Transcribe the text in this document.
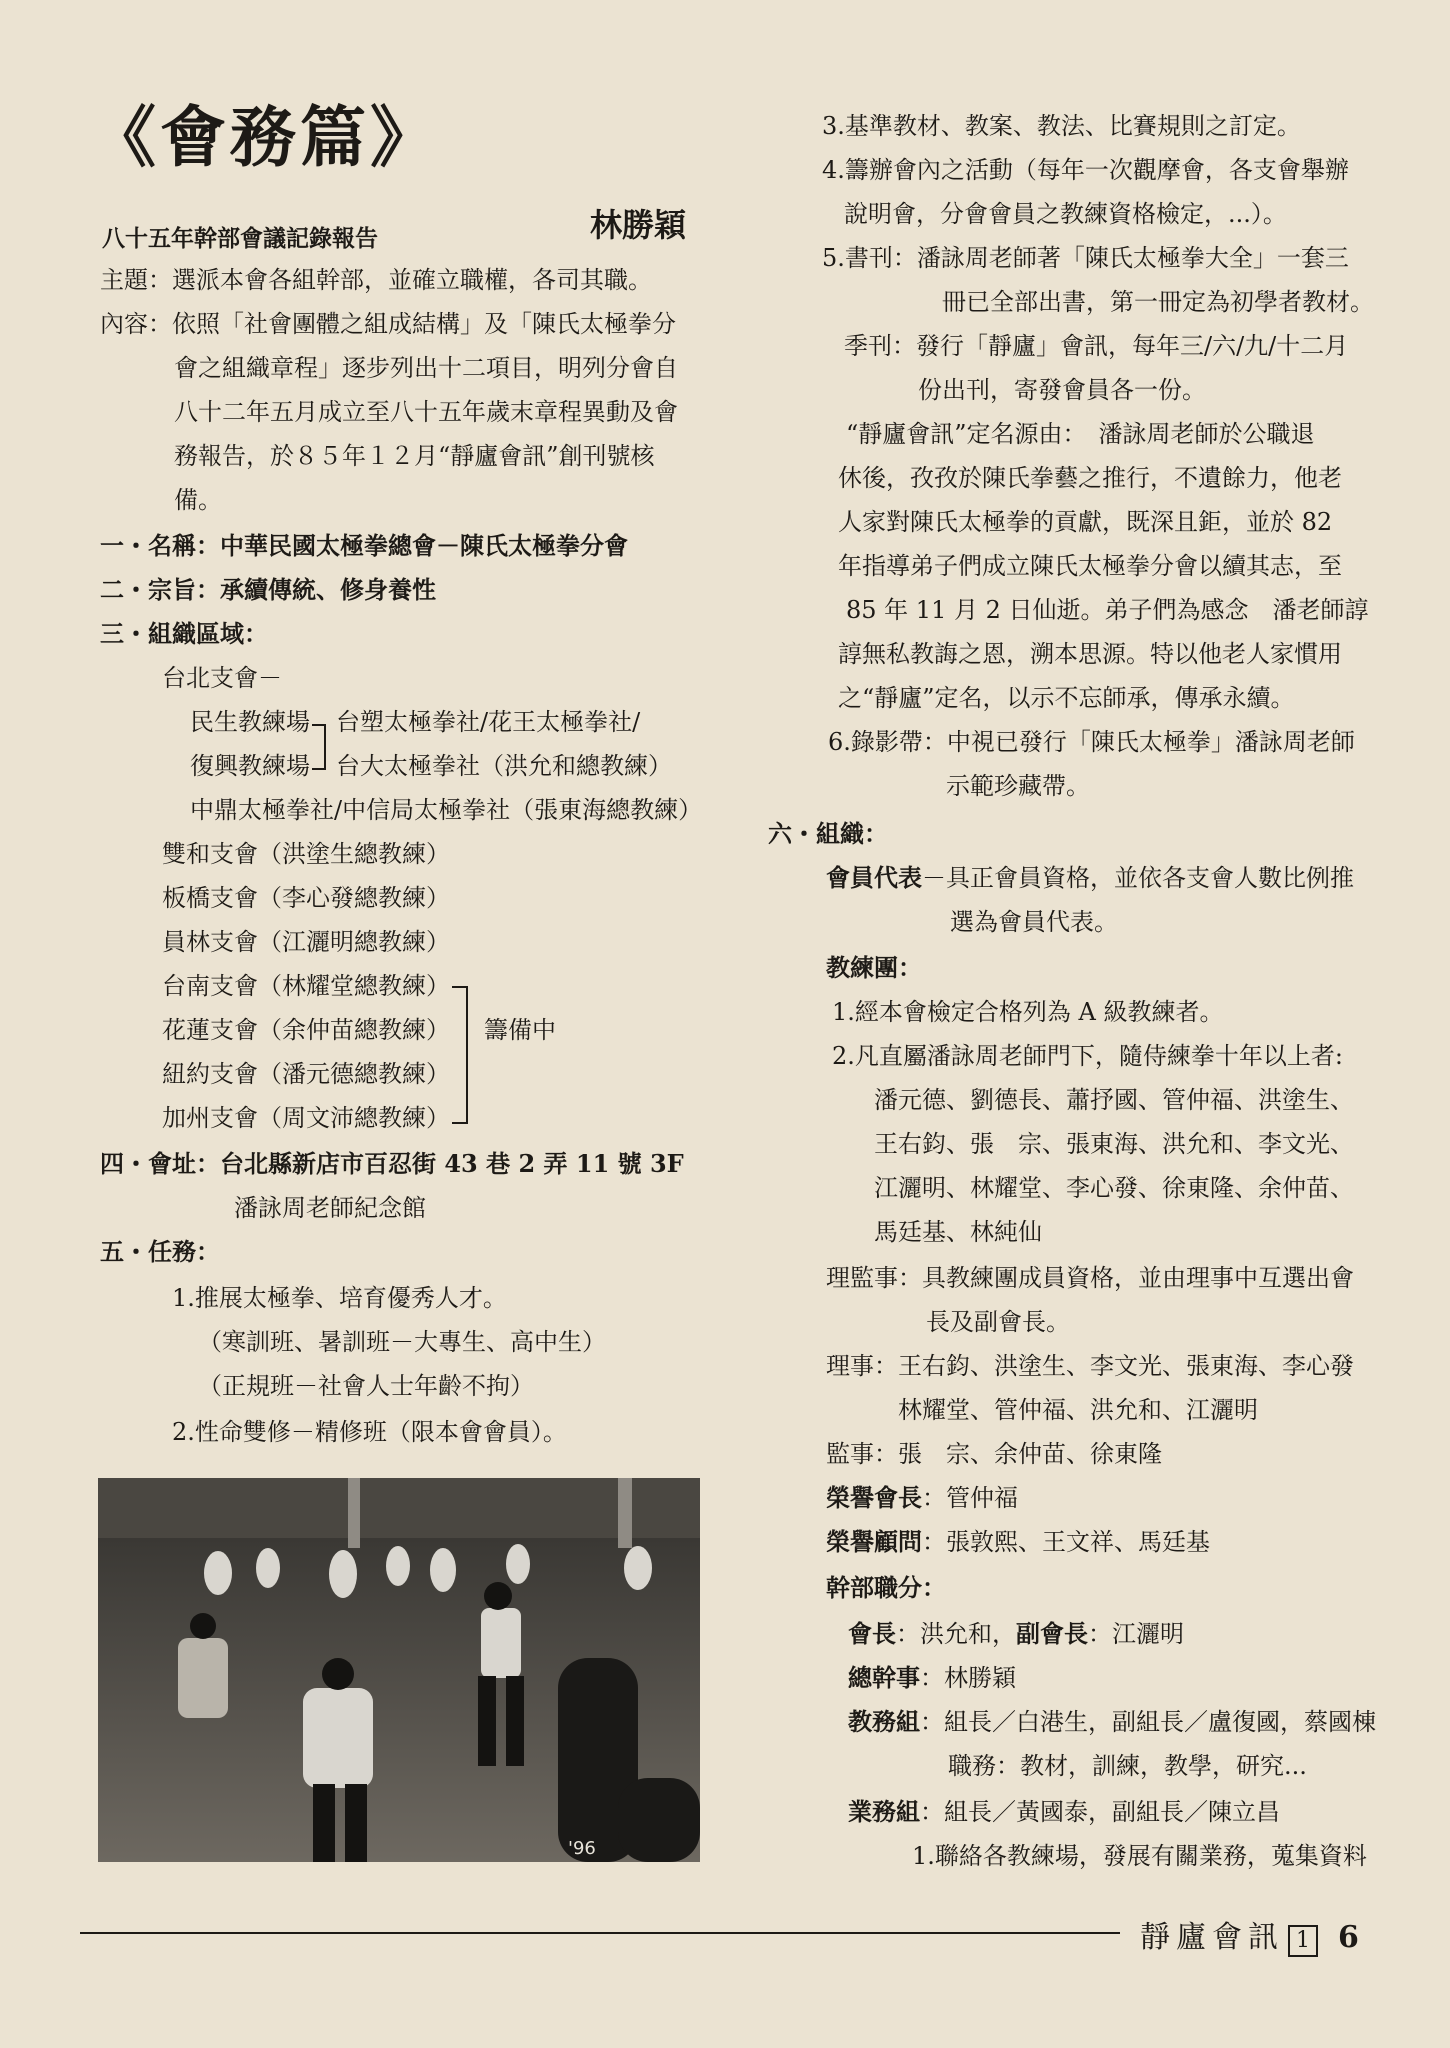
《會務篇》
八十五年幹部會議記錄報告	林勝穎
主題：選派本會各組幹部，並確立職權，各司其職。
內容：依照「社會團體之組成結構」及「陳氏太極拳分
會之組織章程」逐步列出十二項目，明列分會自
八十二年五月成立至八十五年歲末章程異動及會
務報告，於８５年１２月“靜廬會訊”創刊號核
備。
一・名稱：中華民國太極拳總會－陳氏太極拳分會
二・宗旨：承續傳統、修身養性
三・組織區域：
台北支會－
民生教練場
復興教練場
台塑太極拳社/花王太極拳社/
台大太極拳社（洪允和總教練）
中鼎太極拳社/中信局太極拳社（張東海總教練）
雙和支會（洪塗生總教練）
板橋支會（李心發總教練）
員林支會（江灑明總教練）
台南支會（林耀堂總教練）
花蓮支會（余仲苗總教練）
紐約支會（潘元德總教練）
加州支會（周文沛總教練）
籌備中
四・會址：台北縣新店市百忍街 43 巷 2 弄 11 號 3F
潘詠周老師紀念館
五・任務：
1.推展太極拳、培育優秀人才。
（寒訓班、暑訓班－大專生、高中生）
（正規班－社會人士年齡不拘）
2.性命雙修－精修班（限本會會員）。
'96
3.基準教材、教案、教法、比賽規則之訂定。
4.籌辦會內之活動（每年一次觀摩會，各支會舉辦
說明會，分會會員之教練資格檢定，...）。
5.書刊：潘詠周老師著「陳氏太極拳大全」一套三
冊已全部出書，第一冊定為初學者教材。
季刊：發行「靜廬」會訊，每年三/六/九/十二月
份出刊，寄發會員各一份。
“靜廬會訊”定名源由：　潘詠周老師於公職退
休後，孜孜於陳氏拳藝之推行，不遺餘力，他老
人家對陳氏太極拳的貢獻，既深且鉅，並於 82
年指導弟子們成立陳氏太極拳分會以續其志，至
85 年 11 月 2 日仙逝。弟子們為感念　潘老師諄
諄無私教誨之恩，溯本思源。特以他老人家慣用
之“靜廬”定名，以示不忘師承，傳承永續。
6.錄影帶：中視已發行「陳氏太極拳」潘詠周老師
示範珍藏帶。
六・組織：
會員代表－具正會員資格，並依各支會人數比例推
選為會員代表。
教練團：
1.經本會檢定合格列為 A 級教練者。
2.凡直屬潘詠周老師門下，隨侍練拳十年以上者:
潘元德、劉德長、蕭抒國、管仲福、洪塗生、
王右鈞、張　宗、張東海、洪允和、李文光、
江灑明、林耀堂、李心發、徐東隆、余仲苗、
馬廷基、林純仙
理監事：具教練團成員資格，並由理事中互選出會
長及副會長。
理事：王右鈞、洪塗生、李文光、張東海、李心發
林耀堂、管仲福、洪允和、江灑明
監事：張　宗、余仲苗、徐東隆
榮譽會長：管仲福
榮譽顧問：張敦熙、王文祥、馬廷基
幹部職分：
會長：洪允和，副會長：江灑明
總幹事：林勝穎
教務組：組長／白港生，副組長／盧復國，蔡國棟
職務：教材，訓練，教學，研究...
業務組：組長／黃國泰，副組長／陳立昌
1.聯絡各教練場，發展有關業務，蒐集資料
靜廬會訊 1 6
